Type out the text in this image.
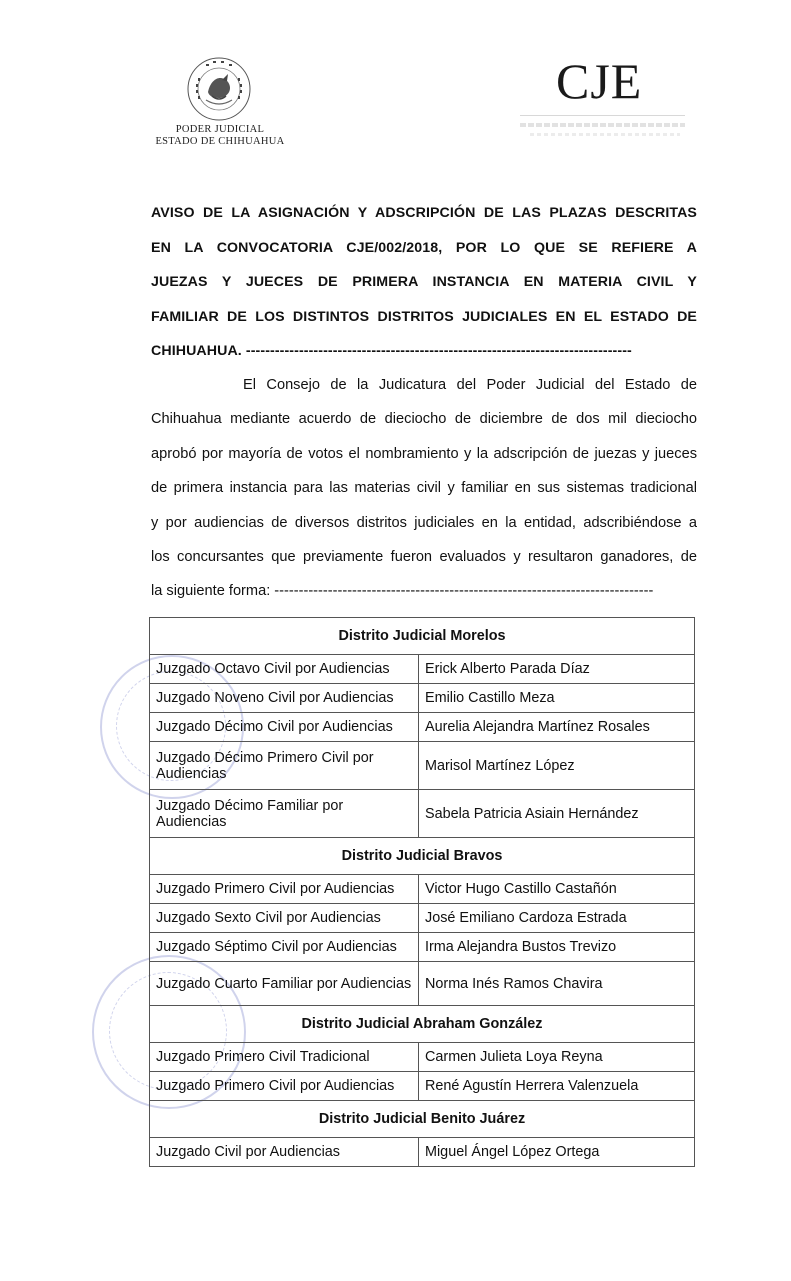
PODER JUDICIAL
ESTADO DE CHIHUAHUA
CJE
AVISO DE LA ASIGNACIÓN Y ADSCRIPCIÓN DE LAS PLAZAS DESCRITAS
EN LA CONVOCATORIA CJE/002/2018, POR LO QUE SE REFIERE A
JUEZAS Y JUECES DE PRIMERA INSTANCIA EN MATERIA CIVIL Y
FAMILIAR DE LOS DISTINTOS DISTRITOS JUDICIALES EN EL ESTADO DE
CHIHUAHUA. --------------------------------------------------------------------------------
El Consejo de la Judicatura del Poder Judicial del Estado de
Chihuahua mediante acuerdo de dieciocho de diciembre de dos mil dieciocho
aprobó por mayoría de votos el nombramiento y la adscripción de juezas y jueces
de primera instancia para las materias civil y familiar en sus sistemas tradicional
y por audiencias de diversos distritos judiciales en la entidad, adscribiéndose a
los concursantes que previamente fueron evaluados y resultaron ganadores, de
la siguiente forma: ------------------------------------------------------------------------------
Distrito Judicial Morelos	
Juzgado Octavo Civil por Audiencias	Erick Alberto Parada Díaz
Juzgado Noveno Civil por Audiencias	Emilio Castillo Meza
Juzgado Décimo Civil por Audiencias	Aurelia Alejandra Martínez Rosales
Juzgado Décimo Primero Civil por Audiencias	Marisol Martínez López
Juzgado Décimo Familiar por Audiencias	Sabela Patricia Asiain Hernández
Distrito Judicial Bravos	
Juzgado Primero Civil por Audiencias	Victor Hugo Castillo Castañón
Juzgado Sexto Civil por Audiencias	José Emiliano Cardoza Estrada
Juzgado Séptimo Civil por Audiencias	Irma Alejandra Bustos Trevizo
Juzgado Cuarto Familiar por Audiencias	Norma Inés Ramos Chavira
Distrito Judicial Abraham González	
Juzgado Primero Civil Tradicional	Carmen Julieta Loya Reyna
Juzgado Primero Civil por Audiencias	René Agustín Herrera Valenzuela
Distrito Judicial Benito Juárez	
Juzgado Civil por Audiencias	Miguel Ángel López Ortega
